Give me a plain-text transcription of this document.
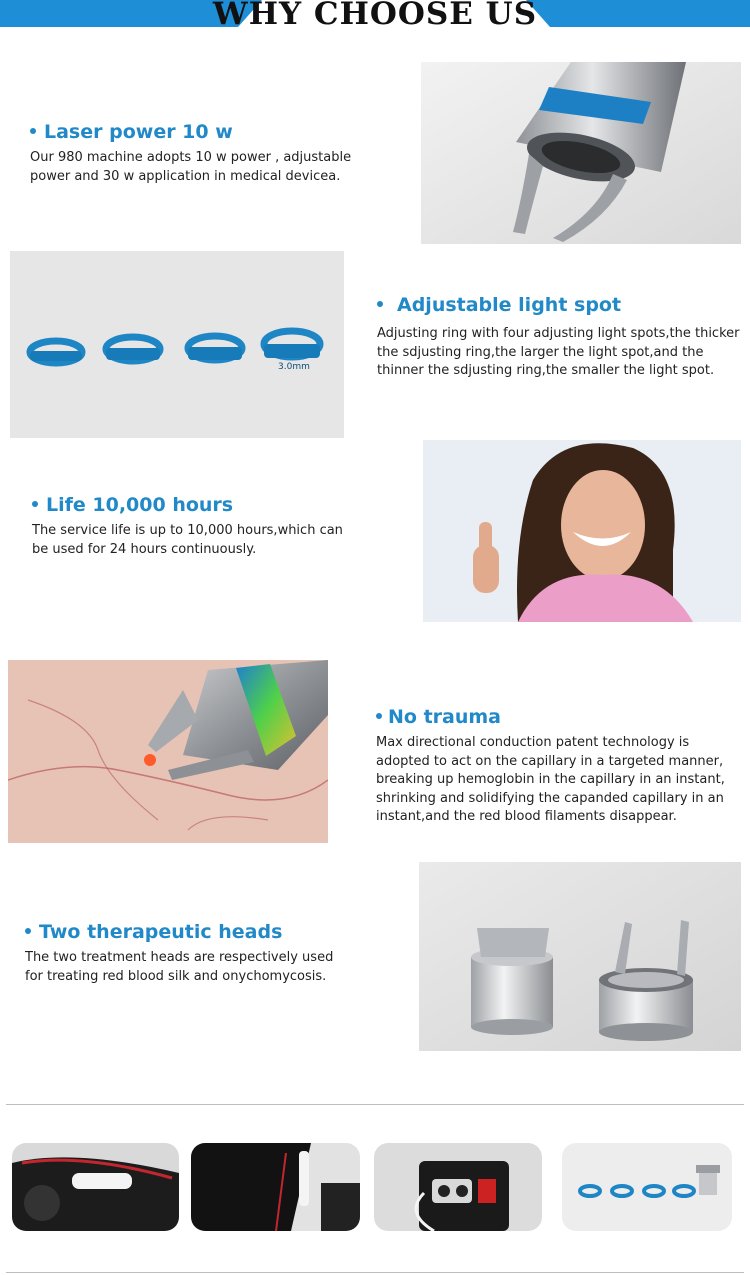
WHY CHOOSE US
Laser power 10 w

Our 980 machine adopts 10 w power , adjustable power and 30 w application in medical devicea.

3.0mm
Adjustable light spot

Adjusting ring with four adjusting light spots,the thicker the sdjusting ring,the larger the light spot,and the thinner the sdjusting ring,the smaller the light spot.

Life 10,000 hours

The service life is up to 10,000 hours,which can be used for 24 hours continuously.

No trauma

Max directional conduction patent technology is adopted to act on the capillary in a targeted manner, breaking up hemoglobin in the capillary in an instant, shrinking and solidifying the capanded capillary in an instant,and the red blood filaments disappear.

Two therapeutic heads

The two treatment heads are respectively used for treating red blood silk and onychomycosis.
